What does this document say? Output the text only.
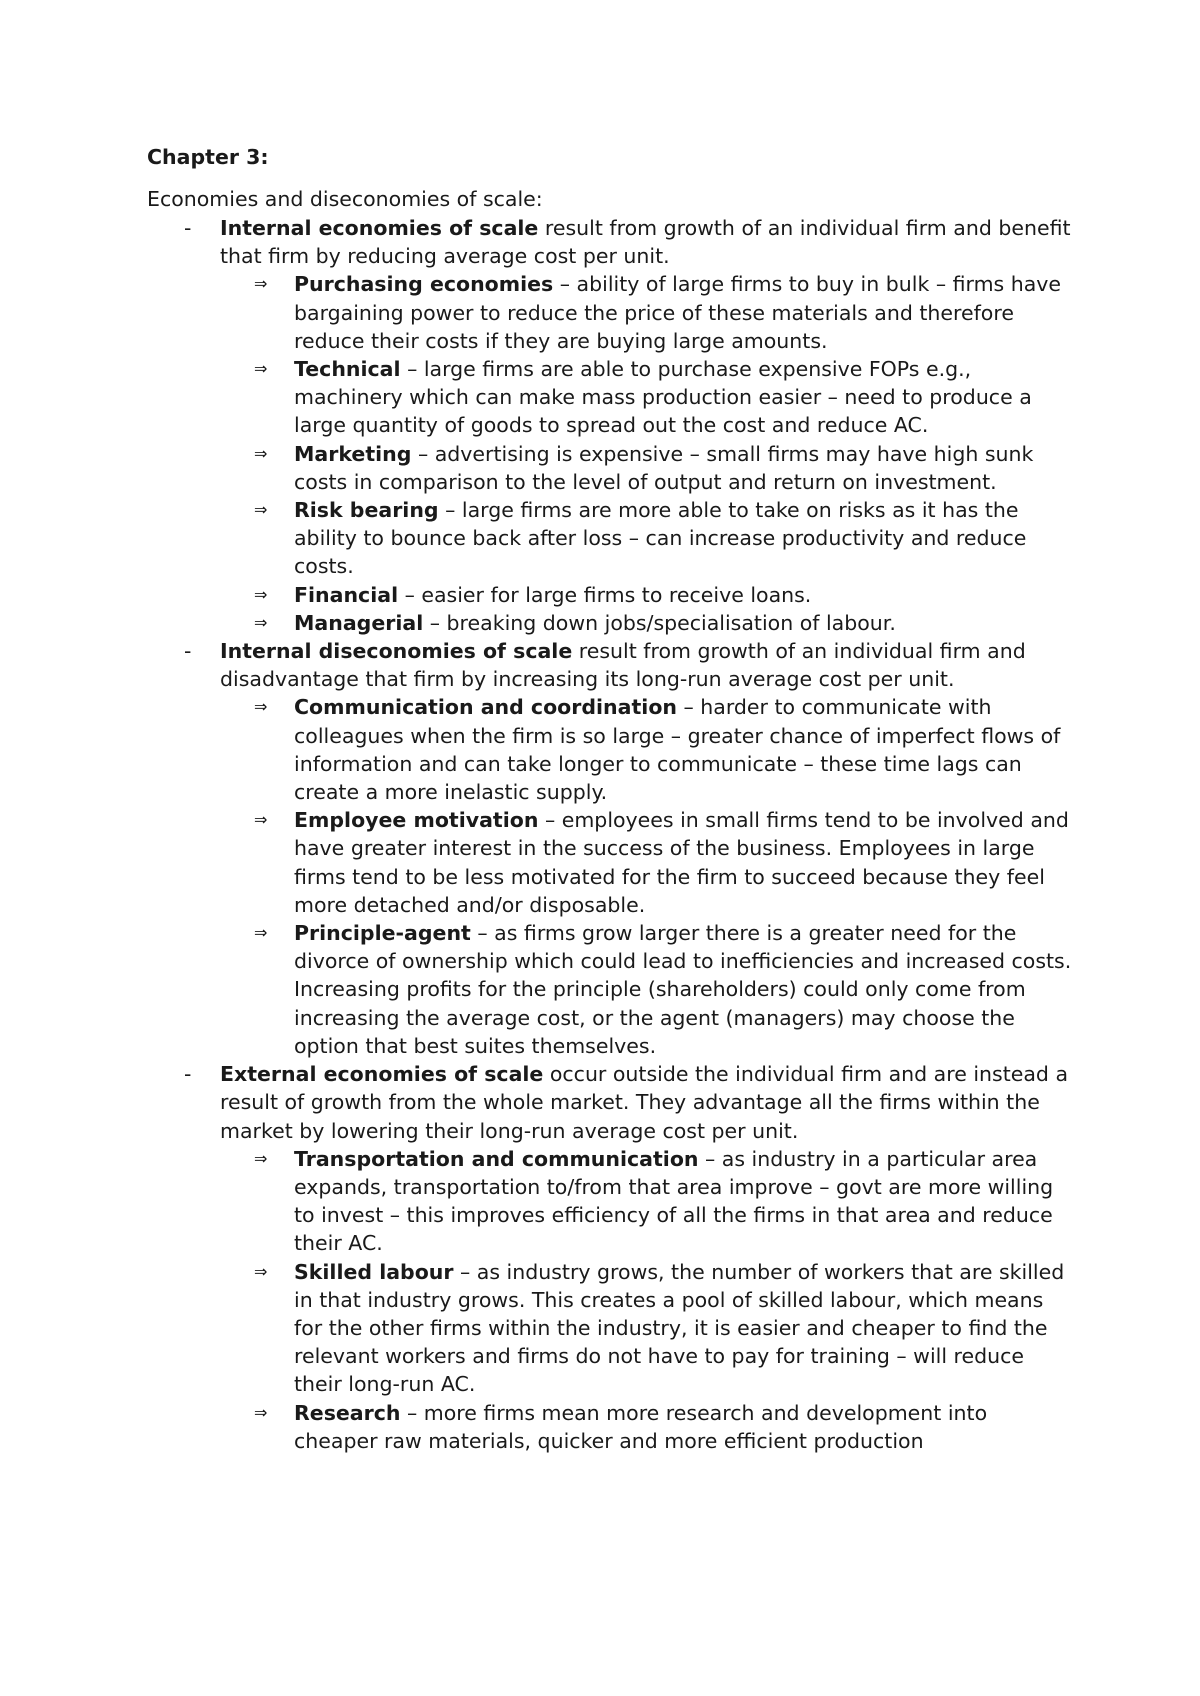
Chapter 3:

Economies and diseconomies of scale:

- Internal economies of scale result from growth of an individual firm and benefit that firm by reducing average cost per unit.
⇒ Purchasing economies – ability of large firms to buy in bulk – firms have bargaining power to reduce the price of these materials and therefore reduce their costs if they are buying large amounts.
⇒ Technical – large firms are able to purchase expensive FOPs e.g., machinery which can make mass production easier – need to produce a large quantity of goods to spread out the cost and reduce AC.
⇒ Marketing – advertising is expensive – small firms may have high sunk costs in comparison to the level of output and return on investment.
⇒ Risk bearing – large firms are more able to take on risks as it has the ability to bounce back after loss – can increase productivity and reduce costs.
⇒ Financial – easier for large firms to receive loans.
⇒ Managerial – breaking down jobs/specialisation of labour.
- Internal diseconomies of scale result from growth of an individual firm and disadvantage that firm by increasing its long-run average cost per unit.
⇒ Communication and coordination – harder to communicate with colleagues when the firm is so large – greater chance of imperfect flows of information and can take longer to communicate – these time lags can create a more inelastic supply.
⇒ Employee motivation – employees in small firms tend to be involved and have greater interest in the success of the business. Employees in large firms tend to be less motivated for the firm to succeed because they feel more detached and/or disposable.
⇒ Principle-agent – as firms grow larger there is a greater need for the divorce of ownership which could lead to inefficiencies and increased costs. Increasing profits for the principle (shareholders) could only come from increasing the average cost, or the agent (managers) may choose the option that best suites themselves.
- External economies of scale occur outside the individual firm and are instead a result of growth from the whole market. They advantage all the firms within the market by lowering their long-run average cost per unit.
⇒ Transportation and communication – as industry in a particular area expands, transportation to/from that area improve – govt are more willing to invest – this improves efficiency of all the firms in that area and reduce their AC.
⇒ Skilled labour – as industry grows, the number of workers that are skilled in that industry grows. This creates a pool of skilled labour, which means for the other firms within the industry, it is easier and cheaper to find the relevant workers and firms do not have to pay for training – will reduce their long-run AC.
⇒ Research – more firms mean more research and development into cheaper raw materials, quicker and more efficient production
